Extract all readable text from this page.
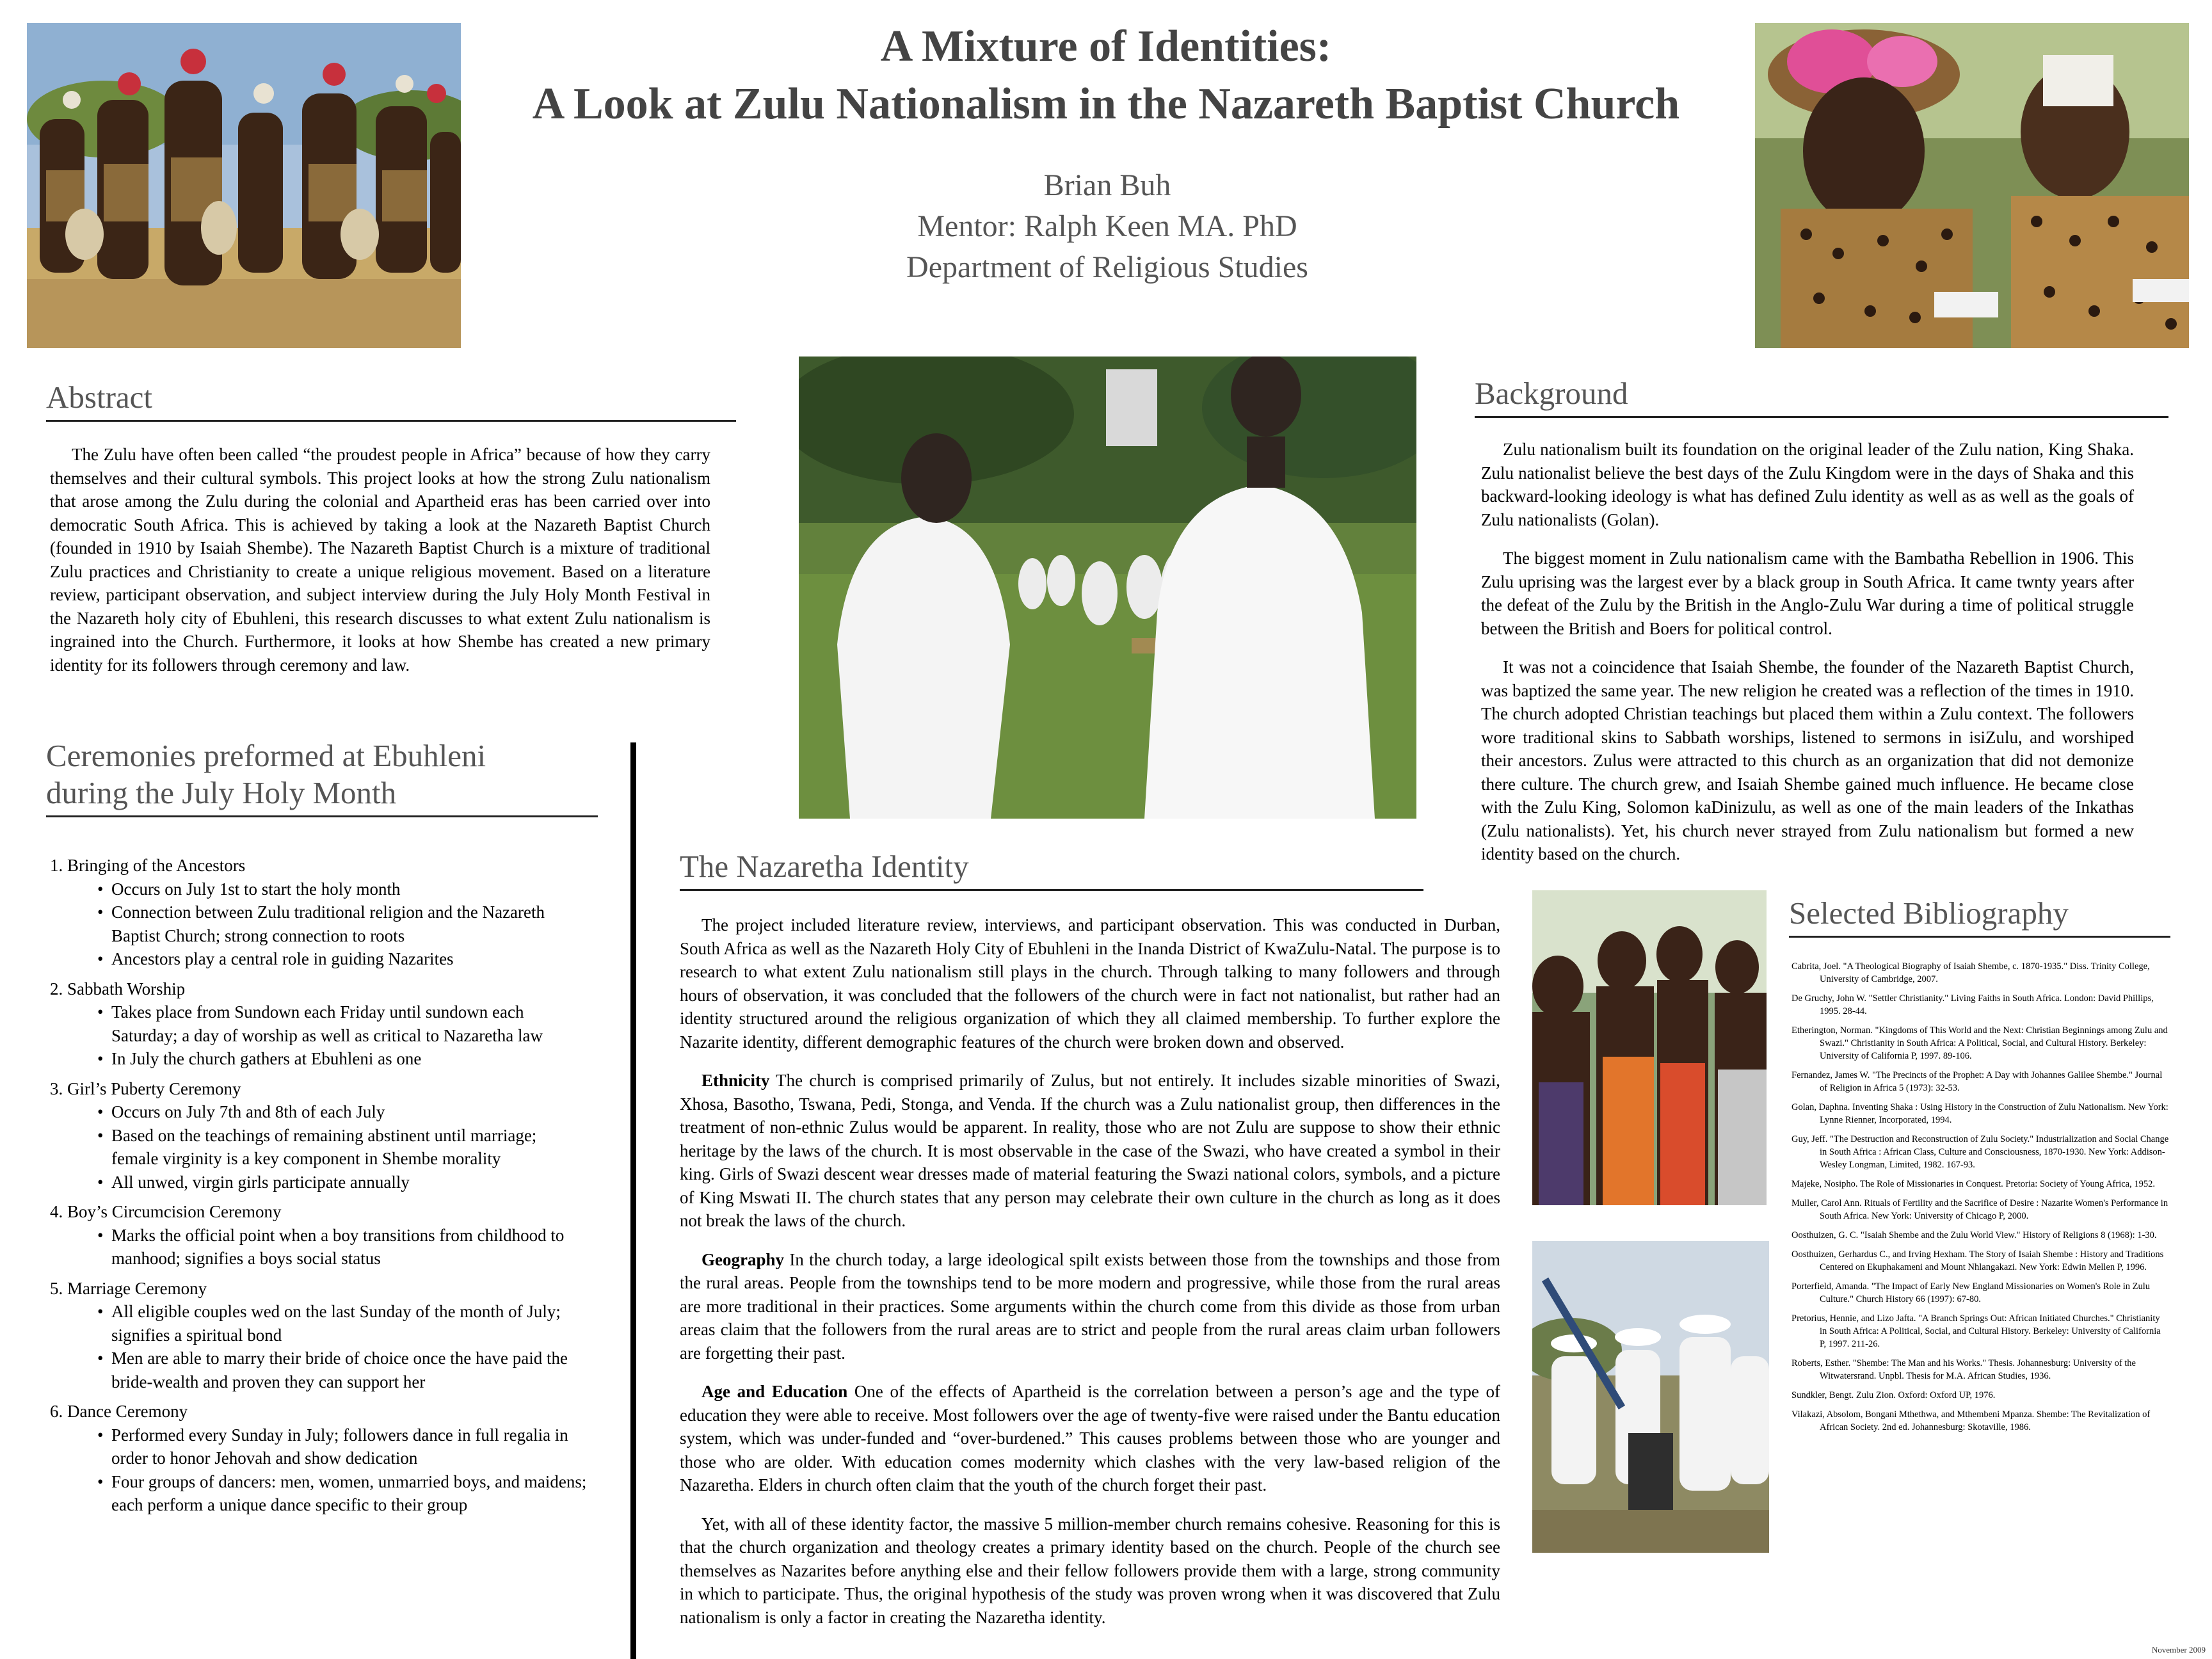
A Mixture of Identities:
A Look at Zulu Nationalism in the Nazareth Baptist Church
Brian Buh
Mentor: Ralph Keen MA. PhD
Department of Religious Studies
Abstract

The Zulu have often been called “the proudest people in Africa” because of how they carry themselves and their cultural symbols. This project looks at how the strong Zulu nationalism that arose among the Zulu during the colonial and Apartheid eras has been carried over into democratic South Africa. This is achieved by taking a look at the Nazareth Baptist Church (founded in 1910 by Isaiah Shembe). The Nazareth Baptist Church is a mixture of traditional Zulu practices and Christianity to create a unique religious movement. Based on a literature review, participant observation, and subject interview during the July Holy Month Festival in the Nazareth holy city of Ebuhleni, this research discusses to what extent Zulu nationalism is ingrained into the Church. Furthermore, it looks at how Shembe has created a new primary identity for its followers through ceremony and law.

Ceremonies preformed at Ebuhleni
during the July Holy Month
1. Bringing of the Ancestors
• Occurs on July 1st to start the holy month
• Connection between Zulu traditional religion and the Nazareth Baptist Church; strong connection to roots
• Ancestors play a central role in guiding Nazarites
2. Sabbath Worship
• Takes place from Sundown each Friday until sundown each Saturday; a day of worship as well as critical to Nazaretha law
• In July the church gathers at Ebuhleni as one
3. Girl’s Puberty Ceremony
• Occurs on July 7th and 8th of each July
• Based on the teachings of remaining abstinent until marriage; female virginity is a key component in Shembe morality
• All unwed, virgin girls participate annually
4. Boy’s Circumcision Ceremony
• Marks the official point when a boy transitions from childhood to manhood; signifies a boys social status
5. Marriage Ceremony
• All eligible couples wed on the last Sunday of the month of July; signifies a spiritual bond
• Men are able to marry their bride of choice once the have paid the bride-wealth and proven they can support her
6. Dance Ceremony
• Performed every Sunday in July; followers dance in full regalia in order to honor Jehovah and show dedication
• Four groups of dancers: men, women, unmarried boys, and maidens; each perform a unique dance specific to their group
The Nazaretha Identity

The project included literature review, interviews, and participant observation. This was conducted in Durban, South Africa as well as the Nazareth Holy City of Ebuhleni in the Inanda District of KwaZulu-Natal. The purpose is to research to what extent Zulu nationalism still plays in the church. Through talking to many followers and through hours of observation, it was concluded that the followers of the church were in fact not nationalist, but rather had an identity structured around the religious organization of which they all claimed membership. To further explore the Nazarite identity, different demographic features of the church were broken down and observed.

Ethnicity The church is comprised primarily of Zulus, but not entirely. It includes sizable minorities of Swazi, Xhosa, Basotho, Tswana, Pedi, Stonga, and Venda. If the church was a Zulu nationalist group, then differences in the treatment of non-ethnic Zulus would be apparent. In reality, those who are not Zulu are suppose to show their ethnic heritage by the laws of the church. It is most observable in the case of the Swazi, who have created a symbol in their king. Girls of Swazi descent wear dresses made of material featuring the Swazi national colors, symbols, and a picture of King Mswati II. The church states that any person may celebrate their own culture in the church as long as it does not break the laws of the church.

Geography In the church today, a large ideological spilt exists between those from the townships and those from the rural areas. People from the townships tend to be more modern and progressive, while those from the rural areas are more traditional in their practices. Some arguments within the church come from this divide as those from urban areas claim that the followers from the rural areas are to strict and people from the rural areas claim urban followers are forgetting their past.

Age and Education One of the effects of Apartheid is the correlation between a person’s age and the type of education they were able to receive. Most followers over the age of twenty-five were raised under the Bantu education system, which was under-funded and “over-burdened.” This causes problems between those who are younger and those who are older. With education comes modernity which clashes with the very law-based religion of the Nazaretha. Elders in church often claim that the youth of the church forget their past.

Yet, with all of these identity factor, the massive 5 million-member church remains cohesive. Reasoning for this is that the church organization and theology creates a primary identity based on the church. People of the church see themselves as Nazarites before anything else and their fellow followers provide them with a large, strong community in which to participate. Thus, the original hypothesis of the study was proven wrong when it was discovered that Zulu nationalism is only a factor in creating the Nazaretha identity.

Background

Zulu nationalism built its foundation on the original leader of the Zulu nation, King Shaka. Zulu nationalist believe the best days of the Zulu Kingdom were in the days of Shaka and this backward-looking ideology is what has defined Zulu identity as well as as well as the goals of Zulu nationalists (Golan).

The biggest moment in Zulu nationalism came with the Bambatha Rebellion in 1906. This Zulu uprising was the largest ever by a black group in South Africa. It came twnty years after the defeat of the Zulu by the British in the Anglo-Zulu War during a time of political struggle between the British and Boers for political control.

It was not a coincidence that Isaiah Shembe, the founder of the Nazareth Baptist Church, was baptized the same year. The new religion he created was a reflection of the times in 1910. The church adopted Christian teachings but placed them within a Zulu context. The followers wore traditional skins to Sabbath worships, listened to sermons in isiZulu, and worshiped their ancestors. Zulus were attracted to this church as an organization that did not demonize there culture. The church grew, and Isaiah Shembe gained much influence. He became close with the Zulu King, Solomon kaDinizulu, as well as one of the main leaders of the Inkathas (Zulu nationalists). Yet, his church never strayed from Zulu nationalism but formed a new identity based on the church.

Selected Bibliography
Cabrita, Joel. "A Theological Biography of Isaiah Shembe, c. 1870-1935." Diss. Trinity College, University of Cambridge, 2007.
De Gruchy, John W. "Settler Christianity." Living Faiths in South Africa. London: David Phillips, 1995. 28-44.
Etherington, Norman. "Kingdoms of This World and the Next: Christian Beginnings among Zulu and Swazi." Christianity in South Africa: A Political, Social, and Cultural History. Berkeley: University of California P, 1997. 89-106.
Fernandez, James W. "The Precincts of the Prophet: A Day with Johannes Galilee Shembe." Journal of Religion in Africa 5 (1973): 32-53.
Golan, Daphna. Inventing Shaka : Using History in the Construction of Zulu Nationalism. New York: Lynne Rienner, Incorporated, 1994.
Guy, Jeff. "The Destruction and Reconstruction of Zulu Society." Industrialization and Social Change in South Africa : African Class, Culture and Consciousness, 1870-1930. New York: Addison-Wesley Longman, Limited, 1982. 167-93.
Majeke, Nosipho. The Role of Missionaries in Conquest. Pretoria: Society of Young Africa, 1952.
Muller, Carol Ann. Rituals of Fertility and the Sacrifice of Desire : Nazarite Women's Performance in South Africa. New York: University of Chicago P, 2000.
Oosthuizen, G. C. "Isaiah Shembe and the Zulu World View." History of Religions 8 (1968): 1-30.
Oosthuizen, Gerhardus C., and Irving Hexham. The Story of Isaiah Shembe : History and Traditions Centered on Ekuphakameni and Mount Nhlangakazi. New York: Edwin Mellen P, 1996.
Porterfield, Amanda. "The Impact of Early New England Missionaries on Women's Role in Zulu Culture." Church History 66 (1997): 67-80.
Pretorius, Hennie, and Lizo Jafta. "A Branch Springs Out: African Initiated Churches." Christianity in South Africa: A Political, Social, and Cultural History. Berkeley: University of California P, 1997. 211-26.
Roberts, Esther. "Shembe: The Man and his Works." Thesis. Johannesburg: University of the Witwatersrand. Unpbl. Thesis for M.A. African Studies, 1936.
Sundkler, Bengt. Zulu Zion. Oxford: Oxford UP, 1976.
Vilakazi, Absolom, Bongani Mthethwa, and Mthembeni Mpanza. Shembe: The Revitalization of African Society. 2nd ed. Johannesburg: Skotaville, 1986.
November 2009
